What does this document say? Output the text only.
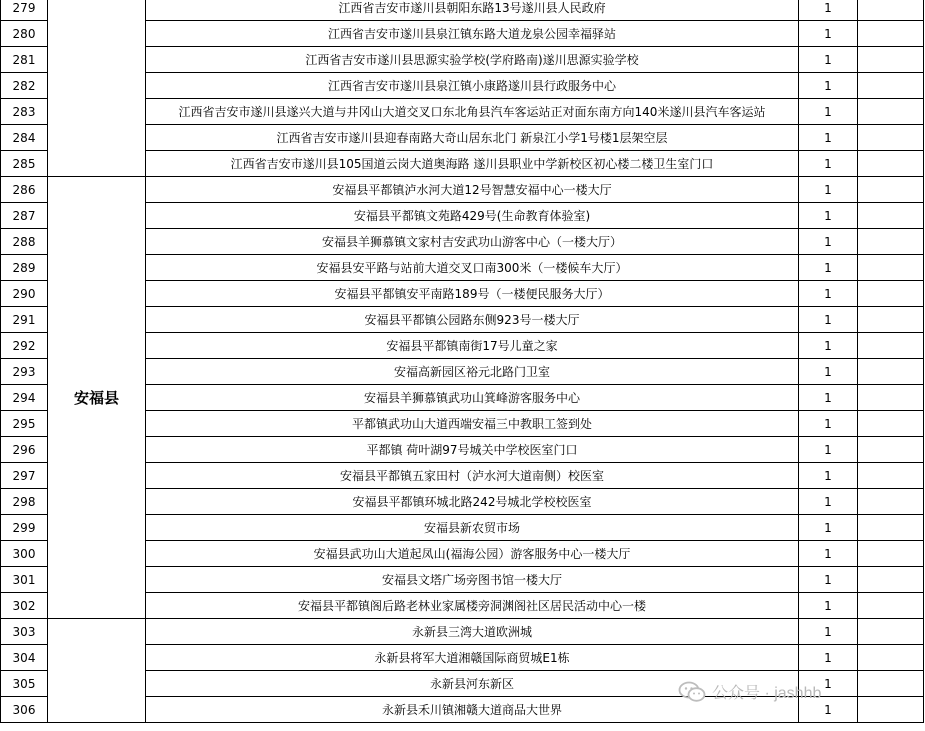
279		江西省吉安市遂川县朝阳东路13号遂川县人民政府	1	
280		江西省吉安市遂川县泉江镇东路大道龙泉公园幸福驿站	1	
281		江西省吉安市遂川县思源实验学校(学府路南)遂川思源实验学校	1	
282		江西省吉安市遂川县泉江镇小康路遂川县行政服务中心	1	
283		江西省吉安市遂川县遂兴大道与井冈山大道交叉口东北角县汽车客运站正对面东南方向140米遂川县汽车客运站	1	
284		江西省吉安市遂川县迎春南路大奇山居东北门 新泉江小学1号楼1层架空层	1	
285		江西省吉安市遂川县105国道云岗大道奥海路 遂川县职业中学新校区初心楼二楼卫生室门口	1	
286	安福县	安福县平都镇泸水河大道12号智慧安福中心一楼大厅	1	
287		安福县平都镇文苑路429号(生命教育体验室)	1	
288		安福县羊狮慕镇文家村吉安武功山游客中心（一楼大厅）	1	
289		安福县安平路与站前大道交叉口南300米（一楼候车大厅）	1	
290		安福县平都镇安平南路189号（一楼便民服务大厅）	1	
291		安福县平都镇公园路东侧923号一楼大厅	1	
292		安福县平都镇南街17号儿童之家	1	
293		安福高新园区裕元北路门卫室	1	
294		安福县羊狮慕镇武功山箕峰游客服务中心	1	
295		平都镇武功山大道西端安福三中教职工签到处	1	
296		平都镇 荷叶湖97号城关中学校医室门口	1	
297		安福县平都镇五家田村（泸水河大道南侧）校医室	1	
298		安福县平都镇环城北路242号城北学校校医室	1	
299		安福县新农贸市场	1	
300		安福县武功山大道起凤山(福海公园）游客服务中心一楼大厅	1	
301		安福县文塔广场旁图书馆一楼大厅	1	
302		安福县平都镇阁后路老林业家属楼旁洞渊阁社区居民活动中心一楼	1	
303		永新县三湾大道欧洲城	1	
304		永新县将军大道湘赣国际商贸城E1栋	1	
305		永新县河东新区	1	
306		永新县禾川镇湘赣大道商品大世界	1	
公众号 · jashhb
